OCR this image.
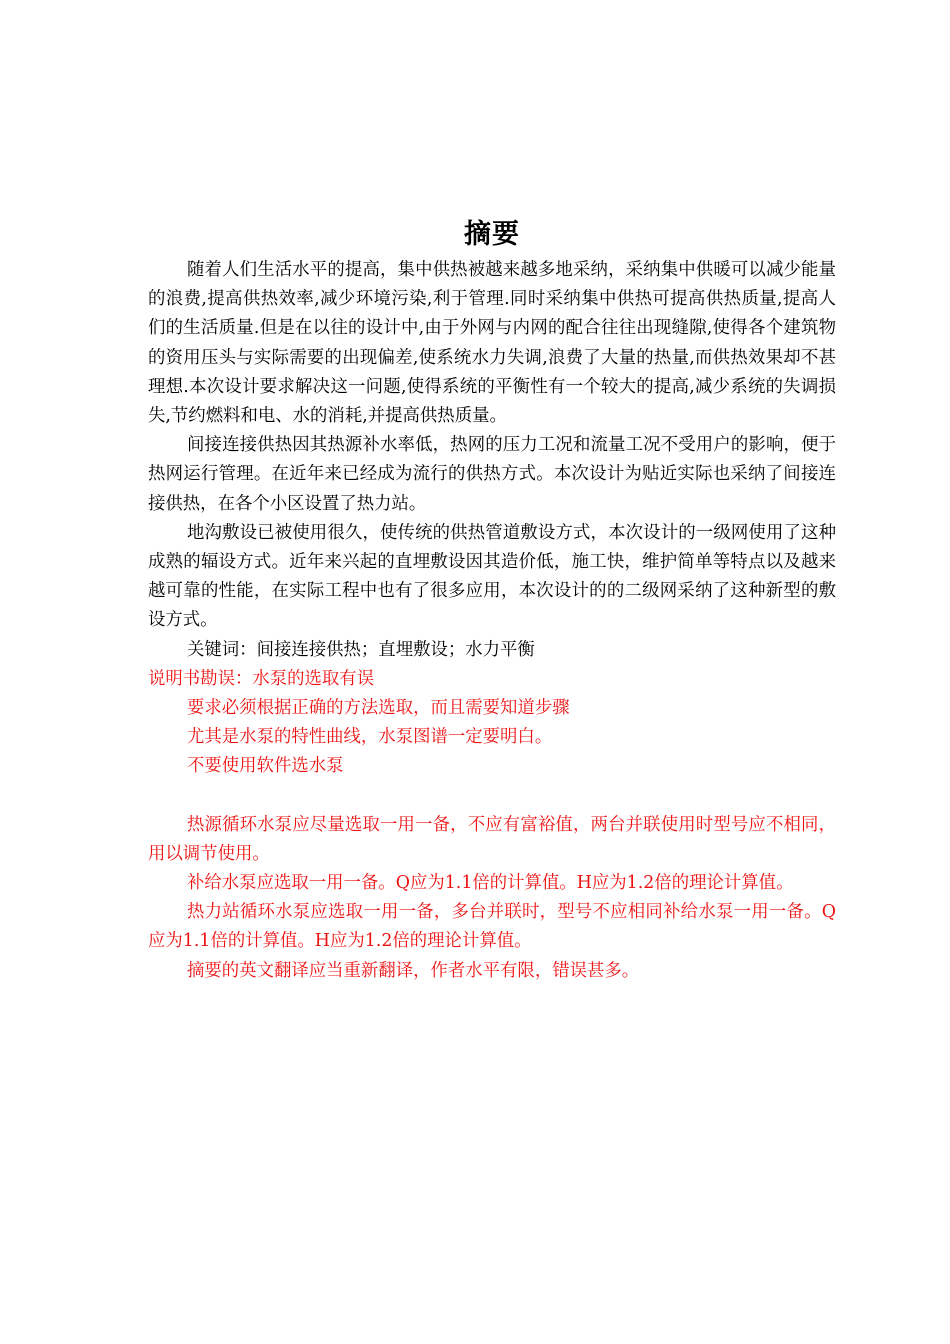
摘要

随着人们生活水平的提高，集中供热被越来越多地采纳，采纳集中供暖可以减少能量的浪费,提高供热效率,减少环境污染,利于管理.同时采纳集中供热可提高供热质量,提高人们的生活质量.但是在以往的设计中,由于外网与内网的配合往往出现缝隙,使得各个建筑物的资用压头与实际需要的出现偏差,使系统水力失调,浪费了大量的热量,而供热效果却不甚理想.本次设计要求解决这一问题,使得系统的平衡性有一个较大的提高,减少系统的失调损失,节约燃料和电、水的消耗,并提高供热质量。

间接连接供热因其热源补水率低，热网的压力工况和流量工况不受用户的影响，便于热网运行管理。在近年来已经成为流行的供热方式。本次设计为贴近实际也采纳了间接连接供热，在各个小区设置了热力站。

地沟敷设已被使用很久，使传统的供热管道敷设方式，本次设计的一级网使用了这种成熟的辐设方式。近年来兴起的直埋敷设因其造价低，施工快，维护简单等特点以及越来越可靠的性能，在实际工程中也有了很多应用，本次设计的的二级网采纳了这种新型的敷设方式。

关键词：间接连接供热；直埋敷设；水力平衡

说明书勘误：水泵的选取有误

要求必须根据正确的方法选取，而且需要知道步骤

尤其是水泵的特性曲线，水泵图谱一定要明白。

不要使用软件选水泵

热源循环水泵应尽量选取一用一备，不应有富裕值，两台并联使用时型号应不相同，用以调节使用。

补给水泵应选取一用一备。Q应为1.1倍的计算值。H应为1.2倍的理论计算值。

热力站循环水泵应选取一用一备，多台并联时，型号不应相同补给水泵一用一备。Q应为1.1倍的计算值。H应为1.2倍的理论计算值。

摘要的英文翻译应当重新翻译，作者水平有限，错误甚多。
